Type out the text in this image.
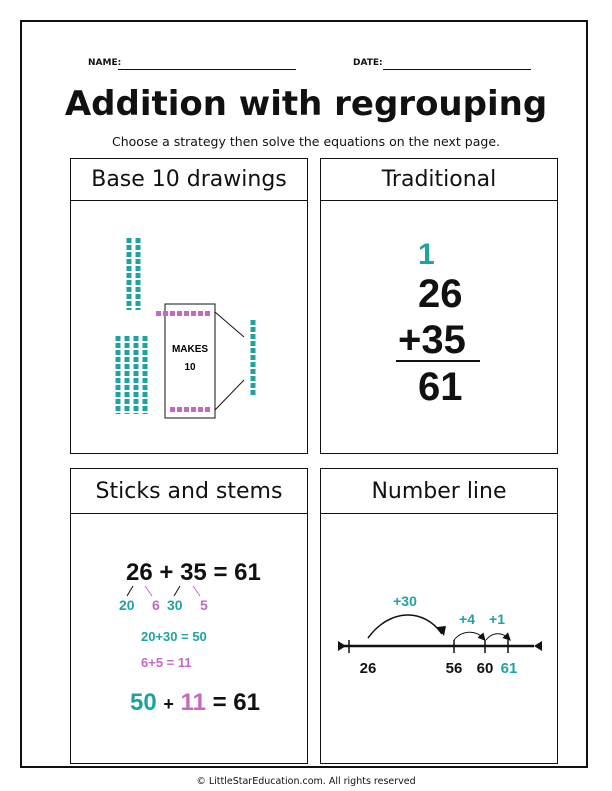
NAME:	DATE:
Addition with regrouping
Choose a strategy then solve the equations on the next page.
Base 10 drawings
MAKES
10
Traditional
1
26
+35
61
Sticks and stems
26 + 35 = 61
20 6 30 5
20+30 = 50
6+5 = 11
50 + 11 = 61
Number line
+30
+4 +1
26	56 60 61
© LittleStarEducation.com. All rights reserved
